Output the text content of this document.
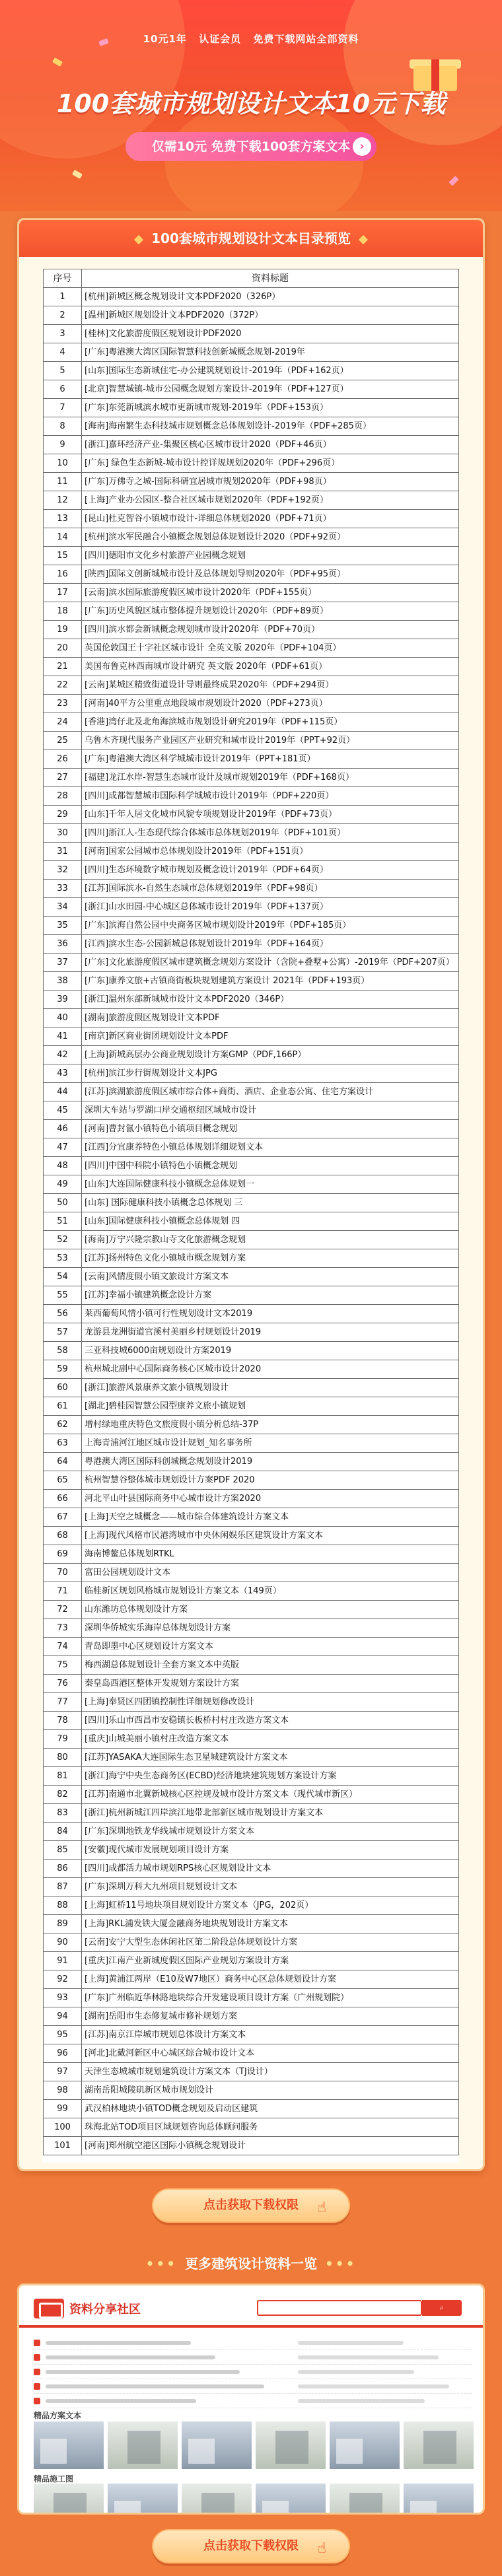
10元1年 认证会员 免费下载网站全部资料
100套城市规划设计文本10元下载
仅需10元 免费下载100套方案文本 ›
100套城市规划设计文本目录预览
序号	资料标题
1	[杭州]新城区概念规划设计文本PDF2020（326P）
2	[温州]新城区规划设计文本PDF2020（372P）
3	[桂林]文化旅游度假区规划设计PDF2020
4	[广东]粤港澳大湾区国际智慧科技创新城概念规划-2019年
5	[山东]国际生态新城住宅-办公建筑规划设计-2019年（PDF+162页）
6	[北京]智慧城镇-城市公园概念规划方案设计-2019年（PDF+127页）
7	[广东]东莞新城滨水城市更新城市规划-2019年（PDF+153页）
8	[海南]海南繁生态科技城市规划概念总体规划设计-2019年（PDF+285页）
9	[浙江]嘉环经济产业-集聚区核心区城市设计2020（PDF+46页）
10	[广东] 绿色生态新城-城市设计控详规规划2020年（PDF+296页）
11	[广东]万佛寺之城-国际科研宜居城市规划2020年（PDF+98页）
12	[上海]产业办公园区-整合社区城市规划2020年（PDF+192页）
13	[昆山]杜克智谷小镇城市设计-详细总体规划2020（PDF+71页）
14	[杭州]滨水军民融合小镇概念规划总体规划设计2020（PDF+92页）
15	[四川]德阳市文化乡村旅游产业园概念规划
16	[陕西]国际文创新城城市设计及总体规划导则2020年（PDF+95页）
17	[云南]滨水国际旅游度假区城市设计2020年（PDF+155页）
18	[广东]历史风貌区城市整体提升规划设计2020年（PDF+89页）
19	[四川]滨水都会新城概念规划城市设计2020年（PDF+70页）
20	英国伦敦国王十字社区城市设计 全英文版 2020年（PDF+104页）
21	美国布鲁克林西南城市设计研究 英文版 2020年（PDF+61页）
22	[云南]某城区精致街道设计导则最终成果2020年（PDF+294页）
23	[河南]40平方公里重点地段城市规划设计2020（PDF+273页）
24	[香港]湾仔北及北角海滨城市规划设计研究2019年（PDF+115页）
25	乌鲁木齐现代服务产业园区产业研究和城市设计2019年（PPT+92页）
26	[广东]粤港澳大湾区科学城城市设计2019年（PPT+181页）
27	[福建]龙江水岸-智慧生态城市设计及城市规划2019年（PDF+168页）
28	[四川]成都智慧城市国际科学城城市设计2019年（PDF+220页）
29	[山东]千年人居文化城市风貌专项规划设计2019年（PDF+73页）
30	[四川]浙江人-生态现代综合体城市总体规划2019年（PDF+101页）
31	[河南]国家公园城市总体规划设计2019年（PDF+151页）
32	[四川]生态环境数字城市规划及概念设计2019年（PDF+64页）
33	[江苏]国际滨水-自然生态城市总体规划2019年（PDF+98页）
34	[浙江]山水田园-中心城区总体城市设计2019年（PDF+137页）
35	[广东]滨海自然公园中央商务区城市规划设计2019年（PDF+185页）
36	[江西]滨水生态-公园新城总体规划设计2019年（PDF+164页）
37	[广东]文化旅游度假区城市建筑概念规划方案设计（含院+叠墅+公寓）-2019年（PDF+207页）
38	[广东]康养文旅+古镇商街板块规划建筑方案设计 2021年（PDF+193页）
39	[浙江]温州东部新城城市设计文本PDF2020（346P）
40	[湖南]旅游度假区规划设计文本PDF
41	[南京]新区商业街团规划设计文本PDF
42	[上海]新城高层办公商业规划设计方案GMP（PDF,166P）
43	[杭州]滨江步行街规划设计文本JPG
44	[江苏]滨湖旅游度假区城市综合体+商街、酒店、企业态公寓、住宅方案设计
45	深圳大车站与罗湖口岸交通枢纽区域城市设计
46	[河南]曹封氤小镇特色小镇项目概念规划
47	[江西]分宜康养特色小镇总体规划详细规划文本
48	[四川]中国中科院小镇特色小镇概念规划
49	[山东]大连国际健康科技小镇概念总体规划一
50	[山东] 国际健康科技小镇概念总体规划 三
51	[山东]国际健康科技小镇概念总体规划 四
52	[海南]万宁兴隆宗教山寺文化旅游概念规划
53	[江苏]扬州特色文化小镇城市概念规划方案
54	[云南]风情度假小镇文旅设计方案文本
55	[江苏]幸福小镇建筑概念设计方案
56	莱西葡萄风情小镇可行性规划设计文本2019
57	龙游县龙洲街道官溪村美丽乡村规划设计2019
58	三亚科技城6000亩规划设计方案2019
59	杭州城北副中心国际商务核心区城市设计2020
60	[浙江]旅游风景康养文旅小镇规划设计
61	[湖北]碧桂园智慧公园型康养文旅小镇规划
62	增村绿地重庆特色文旅度假小镇分析总结-37P
63	上海青浦河江地区城市设计规划_知名事务所
64	粤港澳大湾区国际科创城概念规划设计2019
65	杭州智慧谷整体城市规划设计方案PDF 2020
66	河北平山叶县国际商务中心城市设计方案2020
67	[上海]天空之城概念——城市综合体建筑设计方案文本
68	[上海]现代风格市民港湾城市中央休闲娱乐区建筑设计方案文本
69	海南博鳌总体规划RTKL
70	富田公园规划设计文本
71	临桂新区规划风格城市规划设计方案文本（149页）
72	山东潍坊总体规划设计方案
73	深圳华侨城实乐海岸总体规划设计方案
74	青岛即墨中心区规划设计方案文本
75	梅西湖总体规划设计全套方案文本中英版
76	秦皇岛西港区整体开发规划方案设计方案
77	[上海]奉贤区四团镇控制性详细规划修改设计
78	[四川]乐山市西昌市安稳镇长板桥村村庄改造方案文本
79	[重庆]山城美丽小镇村庄改造方案文本
80	[江苏]YASAKA大连国际生态卫星城建筑设计方案文本
81	[浙江]海宁中央生态商务区(ECBD)经济地块建筑规划方案设计方案
82	[江苏]南通市北翼新城核心区控规及城市设计方案文本（现代城市新区）
83	[浙江]杭州新城江四岸滨江地带北部新区城市规划设计方案文本
84	[广东]深圳地铁龙华线城市规划设计方案文本
85	[安徽]现代城市发展规划项目设计方案
86	[四川]成都活力城市规划RPS核心区规划设计文本
87	[广东]深圳万科大九州项目规划设计文本
88	[上海]虹桥11号地块项目规划设计方案文本（JPG，202页）
89	[上海]RKL浦发铁大厦金融商务地块规划设计方案文本
90	[云南]安宁大型生态休闲社区第二阶段总体规划设计方案
91	[重庆]江南产业新城度假区国际产业规划方案设计方案
92	[上海]黄浦江两岸（E10及W7地区）商务中心区总体规划设计方案
93	[广东]广州临近华林路地块综合开发建设项目设计方案（广州规划院）
94	[湖南]岳阳市生态修复城市修补规划方案
95	[江苏]南京江岸城市规划总体设计方案文本
96	[河北]北戴河新区中心城区综合城市设计文本
97	天津生态城城市规划建筑设计方案文本（TJ设计）
98	湖南岳阳城陵矶新区城市规划设计
99	武汉柏林地块小镇TOD概念规划及启动区建筑
100	珠海北站TOD项目区域规划咨询总体顾问服务
101	[河南]郑州航空港区国际小镇概念规划设计
点击获取下载权限 ☝
••• 更多建筑设计资料一览 •••
资料分享社区	⌕
精品方案文本
精品施工图
点击获取下载权限 ☝
